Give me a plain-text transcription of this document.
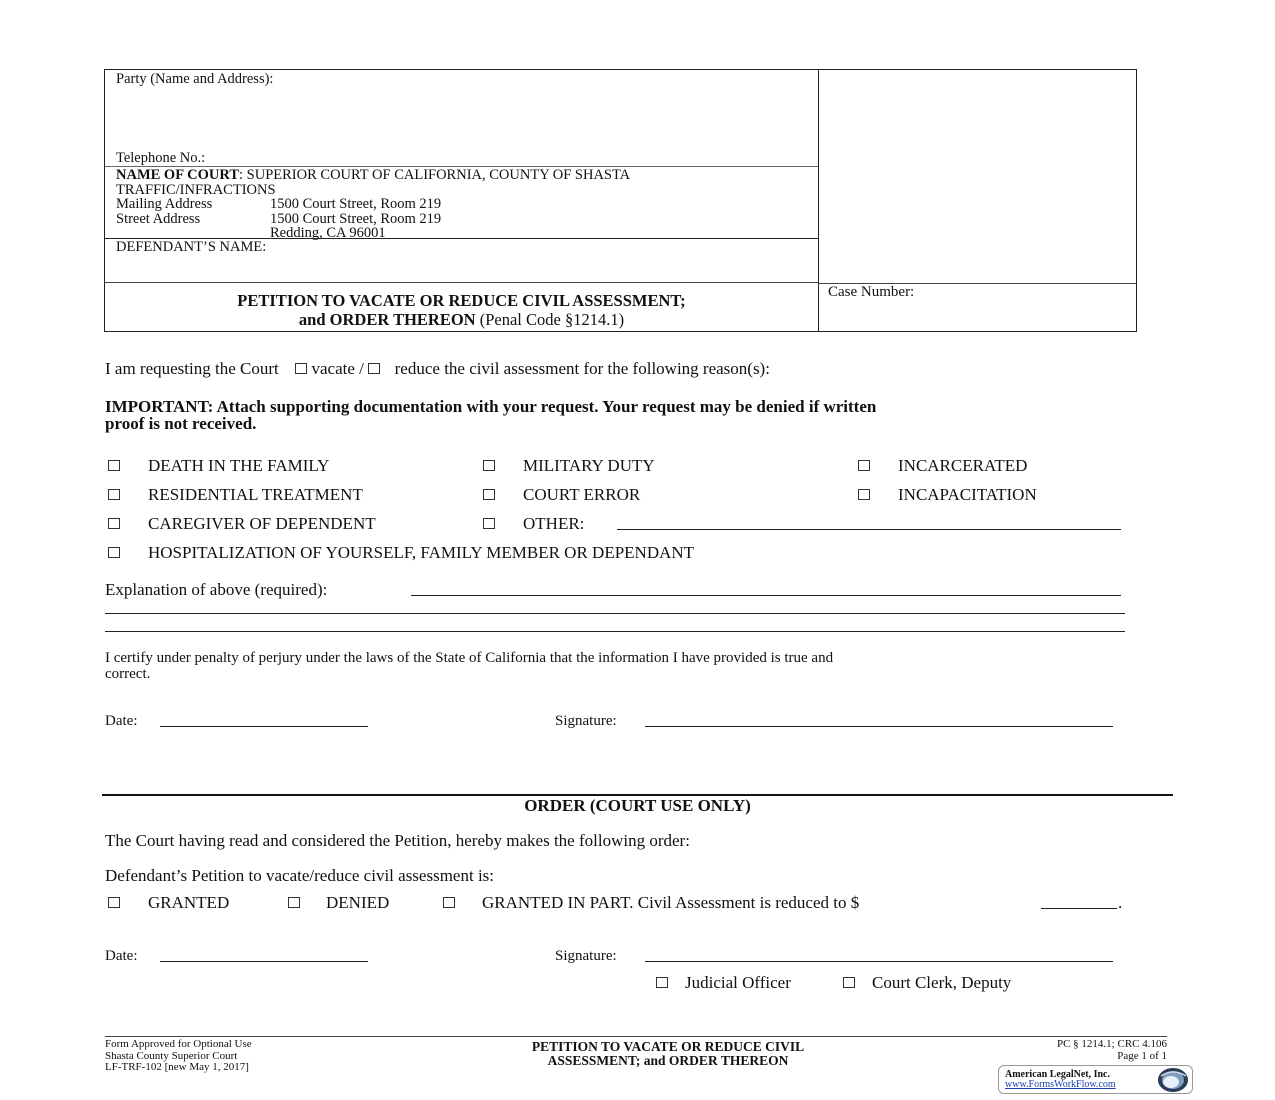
Party (Name and Address):
Telephone No.:
NAME OF COURT: SUPERIOR COURT OF CALIFORNIA, COUNTY OF SHASTA
TRAFFIC/INFRACTIONS
Mailing Address	1500 Court Street, Room 219
Street Address	1500 Court Street, Room 219
Redding, CA 96001
DEFENDANT’S NAME:
PETITION TO VACATE OR REDUCE CIVIL ASSESSMENT;
and ORDER THEREON (Penal Code §1214.1)
Case Number:
I am requesting the Court vacate / reduce the civil assessment for the following reason(s):
IMPORTANT: Attach supporting documentation with your request. Your request may be denied if written
proof is not received.
DEATH IN THE FAMILY	MILITARY DUTY	INCARCERATED
RESIDENTIAL TREATMENT	COURT ERROR	INCAPACITATION
CAREGIVER OF DEPENDENT	OTHER:
HOSPITALIZATION OF YOURSELF, FAMILY MEMBER OR DEPENDANT
Explanation of above (required):
I certify under penalty of perjury under the laws of the State of California that the information I have provided is true and
correct.
Date:	Signature:
ORDER (COURT USE ONLY)
The Court having read and considered the Petition, hereby makes the following order:
Defendant’s Petition to vacate/reduce civil assessment is:
GRANTED	DENIED	GRANTED IN PART. Civil Assessment is reduced to $	.
Date:	Signature:
Judicial Officer	Court Clerk, Deputy
Form Approved for Optional Use
Shasta County Superior Court
LF-TRF-102 [new May 1, 2017]
PETITION TO VACATE OR REDUCE CIVIL
ASSESSMENT; and ORDER THEREON
PC § 1214.1; CRC 4.106
Page 1 of 1
American LegalNet, Inc.
www.FormsWorkFlow.com
